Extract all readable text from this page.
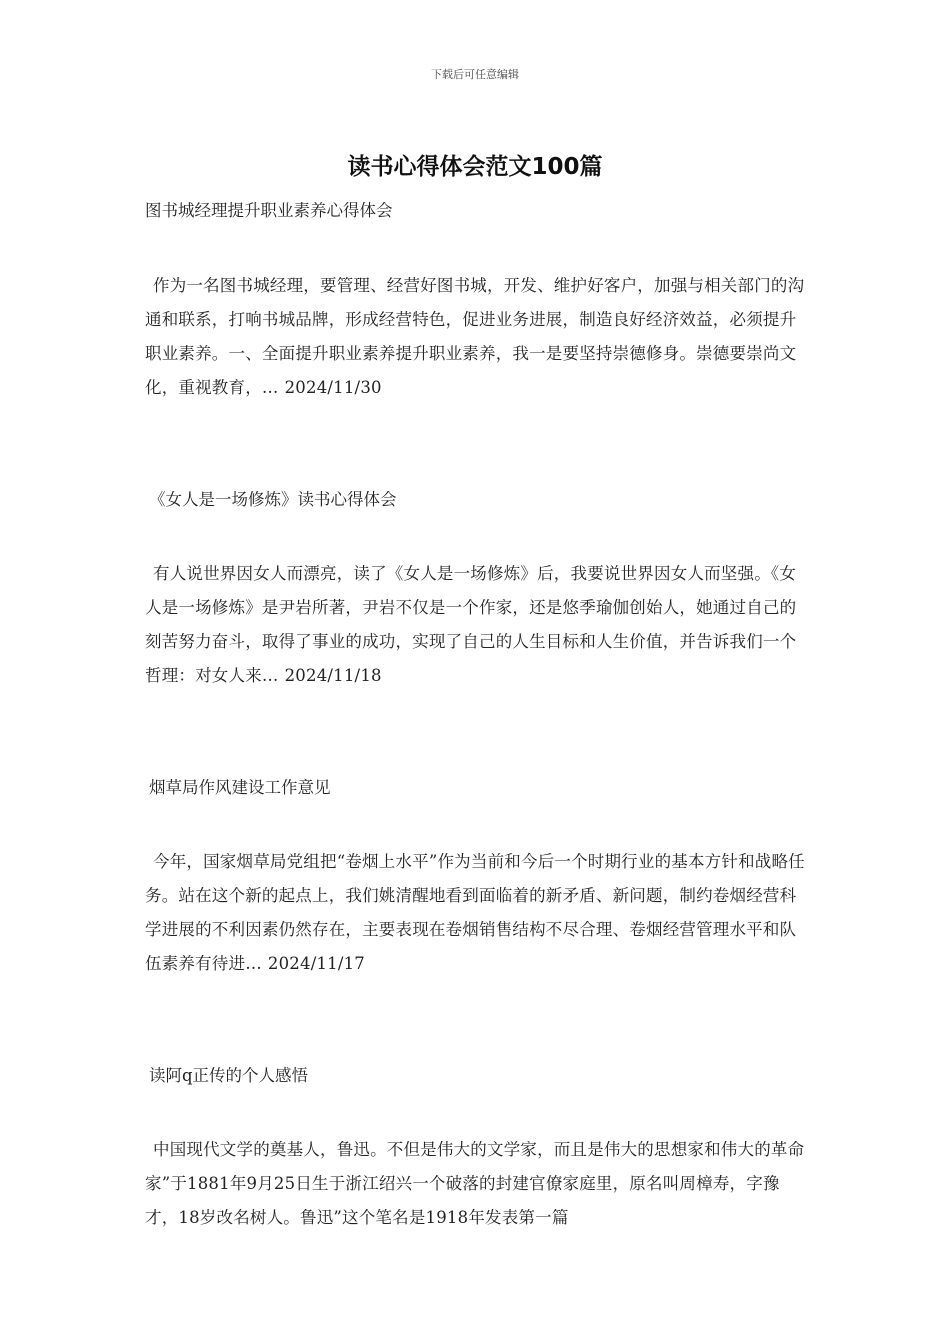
下载后可任意编辑
读书心得体会范文100篇

图书城经理提升职业素养心得体会

作为一名图书城经理，要管理、经营好图书城，开发、维护好客户，加强与相关部门的沟通和联系，打响书城品牌，形成经营特色，促进业务进展，制造良好经济效益，必须提升职业素养。一、全面提升职业素养提升职业素养，我一是要坚持崇德修身。崇德要崇尚文化，重视教育，… 2024/11/30

《女人是一场修炼》读书心得体会

有人说世界因女人而漂亮，读了《女人是一场修炼》后，我要说世界因女人而坚强。《女人是一场修炼》是尹岩所著，尹岩不仅是一个作家，还是悠季瑜伽创始人，她通过自己的刻苦努力奋斗，取得了事业的成功，实现了自己的人生目标和人生价值，并告诉我们一个哲理：对女人来… 2024/11/18

烟草局作风建设工作意见

今年，国家烟草局党组把“卷烟上水平”作为当前和今后一个时期行业的基本方针和战略任务。站在这个新的起点上，我们姚清醒地看到面临着的新矛盾、新问题，制约卷烟经营科学进展的不利因素仍然存在，主要表现在卷烟销售结构不尽合理、卷烟经营管理水平和队伍素养有待进… 2024/11/17

读阿q正传的个人感悟

中国现代文学的奠基人，鲁迅。不但是伟大的文学家，而且是伟大的思想家和伟大的革命家”于1881年9月25日生于浙江绍兴一个破落的封建官僚家庭里，原名叫周樟寿，字豫才，18岁改名树人。鲁迅”这个笔名是1918年发表第一篇
